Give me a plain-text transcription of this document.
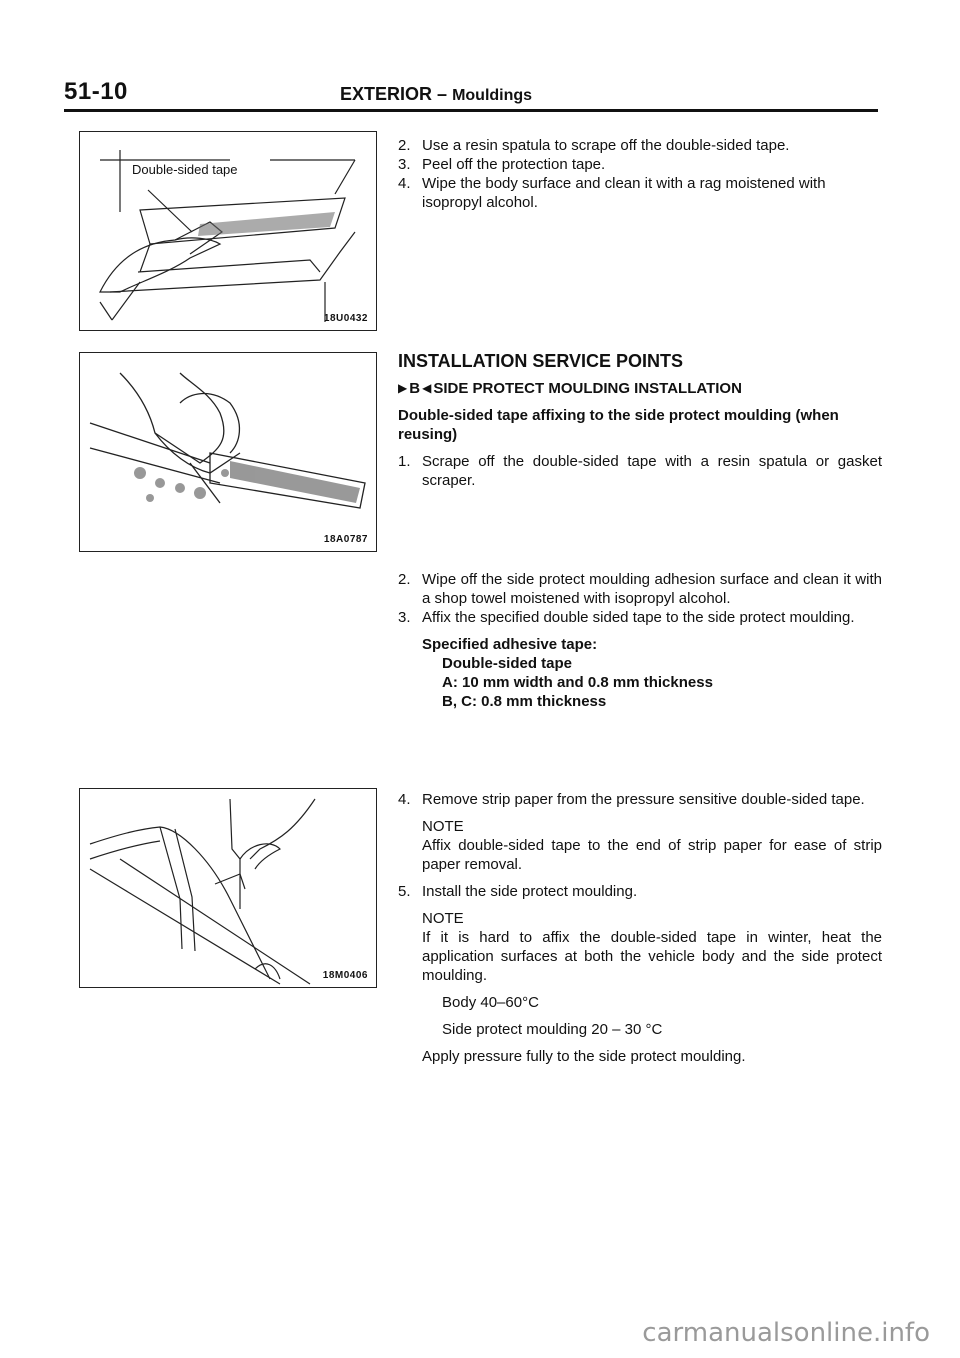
51-10	EXTERIOR – Mouldings
Double-sided tape
18U0432
18A0787
18M0406

2. Use a resin spatula to scrape off the double-sided tape.

3. Peel off the protection tape.

4. Wipe the body surface and clean it with a rag moistened with isopropyl alcohol.

INSTALLATION SERVICE POINTS
▶ B ◀ SIDE PROTECT MOULDING INSTALLATION
Double-sided tape affixing to the side protect moulding (when reusing)

1. Scrape off the double-sided tape with a resin spatula or gasket scraper.

2. Wipe off the side protect moulding adhesion surface and clean it with a shop towel moistened with isopropyl alcohol.

3. Affix the specified double sided tape to the side protect moulding.

Specified adhesive tape:
Double-sided tape
A: 10 mm width and 0.8 mm thickness
B, C: 0.8 mm thickness

4. Remove strip paper from the pressure sensitive double-sided tape.

NOTE
Affix double-sided tape to the end of strip paper for ease of strip paper removal.

5. Install the side protect moulding.

NOTE
If it is hard to affix the double-sided tape in winter, heat the application surfaces at both the vehicle body and the side protect moulding.
Body 40–60°C
Side protect moulding 20 – 30 °C
Apply pressure fully to the side protect moulding.
carmanualsonline.info
